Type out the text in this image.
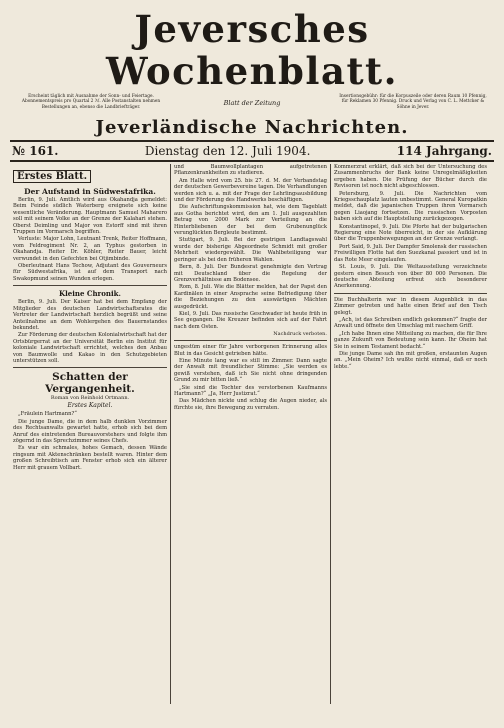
Jeversches Wochenblatt.
Erscheint täglich mit Ausnahme der Sonn- und Feiertage. Abonnementspreis pro Quartal 2 ℳ. Alle Postanstalten nehmen Bestellungen an, ebenso die Landbriefträger.
Blatt der Zeitung
Insertionsgebühr: für die Korpuszeile oder deren Raum 10 Pfennig, für Reklamen 30 Pfennig. Druck und Verlag von C. L. Mettcker & Söhne in Jever.
Jeverländische Nachrichten.
№ 161.	Dienstag den 12. Juli 1904.	114 Jahrgang.
Erstes Blatt.
Der Aufstand in Südwestafrika.

Berlin, 9. Juli. Amtlich wird aus Okahandja gemeldet: Beim Feinde südlich Waterberg ereignete sich keine wesentliche Veränderung. Hauptmann Samuel Maharero soll mit seinem Volke an der Grenze der Kalahari stehen. Oberst Deimling und Major von Estorff sind mit ihren Truppen im Vormarsch begriffen.

Verluste: Major Lohn, Leutnant Trenk, Reiter Hoffmann, vom Feldregiment Nr. 2, an Typhus gestorben in Okahandja. Reiter Dr. Köhler, Reiter Bauer, leicht verwundet in den Gefechten bei Otjimbinde.

Oberleutnant Hans Techow, Adjutant des Gouverneurs für Südwestafrika, ist auf dem Transport nach Swakopmund seinen Wunden erlegen.

Kleine Chronik.

Berlin, 9. Juli. Der Kaiser hat bei dem Empfang der Mitglieder des deutschen Landwirtschaftsrates die Vertreter der Landwirtschaft herzlich begrüßt und seine Anteilnahme an dem Wohlergehen des Bauernstandes bekundet.

Zur Förderung der deutschen Kolonialwirtschaft hat der Ortsbürgerrat an der Universität Berlin ein Institut für koloniale Landwirtschaft errichtet, welches den Anbau von Baumwolle und Kakao in den Schutzgebieten unterstützen soll.

Schatten der Vergangenheit.
Roman von Reinhold Ortmann.
Erstes Kapitel.

„Fräulein Hartmann?“

Die junge Dame, die in dem halb dunklen Vorzimmer des Rechtsanwalts gewartet hatte, erhob sich bei dem Anruf des eintretenden Bureauvorstehers und folgte ihm zögernd in das Sprechzimmer seines Chefs.

Es war ein schmales, hohes Gemach, dessen Wände ringsum mit Aktenschränken bestellt waren. Hinter dem großen Schreibtisch am Fenster erhob sich ein älterer Herr mit grauem Vollbart.

und Baumwollplantagen aufgetretenen Pflanzenkrankheiten zu studieren.

Am Halle wird vom 25. bis 27. d. M. der Verbandstag der deutschen Gewerbevereine tagen. Die Verhandlungen werden sich u. a. mit der Frage der Lehrlingsausbildung und der Förderung des Handwerks beschäftigen.

Die Aufschriftungskommission hat, wie dem Tageblatt aus Gotha berichtet wird, den am 1. Juli ausgezahlten Betrag von 2000 Mark zur Verteilung an die Hinterbliebenen der bei dem Grubenunglück verunglückten Bergleute bestimmt.

Stuttgart, 9. Juli. Bei der gestrigen Landtagswahl wurde der bisherige Abgeordnete Schmidt mit großer Mehrheit wiedergewählt. Die Wahlbeteiligung war geringer als bei den früheren Wahlen.

Bern, 8. Juli. Der Bundesrat genehmigte den Vertrag mit Deutschland über die Regelung der Grenzverhältnisse am Bodensee.

Rom, 8. Juli. Wie die Blätter melden, hat der Papst den Kardinälen in einer Ansprache seine Befriedigung über die Beziehungen zu den auswärtigen Mächten ausgedrückt.

Kiel, 9. Juli. Das russische Geschwader ist heute früh in See gegangen. Die Kreuzer befinden sich auf der Fahrt nach dem Osten.

Nachdruck verboten.

ungestüm einer für Jahre verborgenen Erinnerung alles Blut in das Gesicht getrieben hätte.

Eine Minute lang war es still im Zimmer. Dann sagte der Anwalt mit freundlicher Stimme: „Sie werden es gewiß verstehen, daß ich Sie nicht ohne dringenden Grund zu mir bitten ließ.“

„Sie sind die Tochter des verstorbenen Kaufmanns Hartmann?“ „Ja, Herr Justizrat.“

Das Mädchen nickte und schlug die Augen nieder, als fürchte sie, ihre Bewegung zu verraten.

Kommerzrat erklärt, daß sich bei der Untersuchung des Zusammenbruchs der Bank keine Unregelmäßigkeiten ergeben haben. Die Prüfung der Bücher durch die Revisoren ist noch nicht abgeschlossen.

Petersburg, 9. Juli. Die Nachrichten vom Kriegsschauplatz lauten unbestimmt. General Kuropatkin meldet, daß die japanischen Truppen ihren Vormarsch gegen Liaojang fortsetzen. Die russischen Vorposten haben sich auf die Hauptstellung zurückgezogen.

Konstantinopel, 9. Juli. Die Pforte hat der bulgarischen Regierung eine Note überreicht, in der sie Aufklärung über die Truppenbewegungen an der Grenze verlangt.

Port Said, 9. Juli. Der Dampfer Smolensk der russischen Freiwilligen Flotte hat den Suezkanal passiert und ist in das Rote Meer eingelaufen.

St. Louis, 9. Juli. Die Weltausstellung verzeichnete gestern einen Besuch von über 80 000 Personen. Die deutsche Abteilung erfreut sich besonderer Anerkennung.

Die Buchhalterin war in diesem Augenblick in das Zimmer getreten und hatte einen Brief auf den Tisch gelegt.

„Ach, ist das Schreiben endlich gekommen?“ fragte der Anwalt und öffnete den Umschlag mit raschem Griff.

„Ich habe Ihnen eine Mitteilung zu machen, die für Ihre ganze Zukunft von Bedeutung sein kann. Ihr Oheim hat Sie in seinem Testament bedacht.“

Die junge Dame sah ihn mit großen, erstaunten Augen an. „Mein Oheim? Ich wußte nicht einmal, daß er noch lebte.“
